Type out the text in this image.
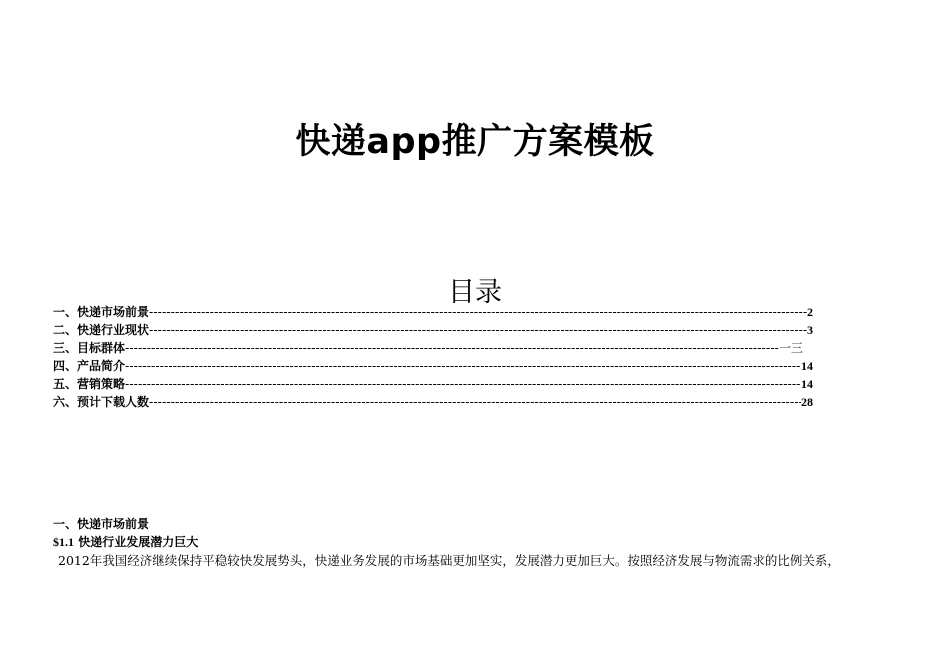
快递app推广方案模板
目录
一、快递市场前景 -----	2
二、快递行业现状 -----	3
三、目标群体 -----	一三
四、产品简介 -----	14
五、营销策略 -----	14
六、预计下载人数 -----	28
一、快递市场前景
$1.1 快递行业发展潜力巨大
2012年我国经济继续保持平稳较快发展势头，快递业务发展的市场基础更加坚实，发展潜力更加巨大。按照经济发展与物流需求的比例关系，
